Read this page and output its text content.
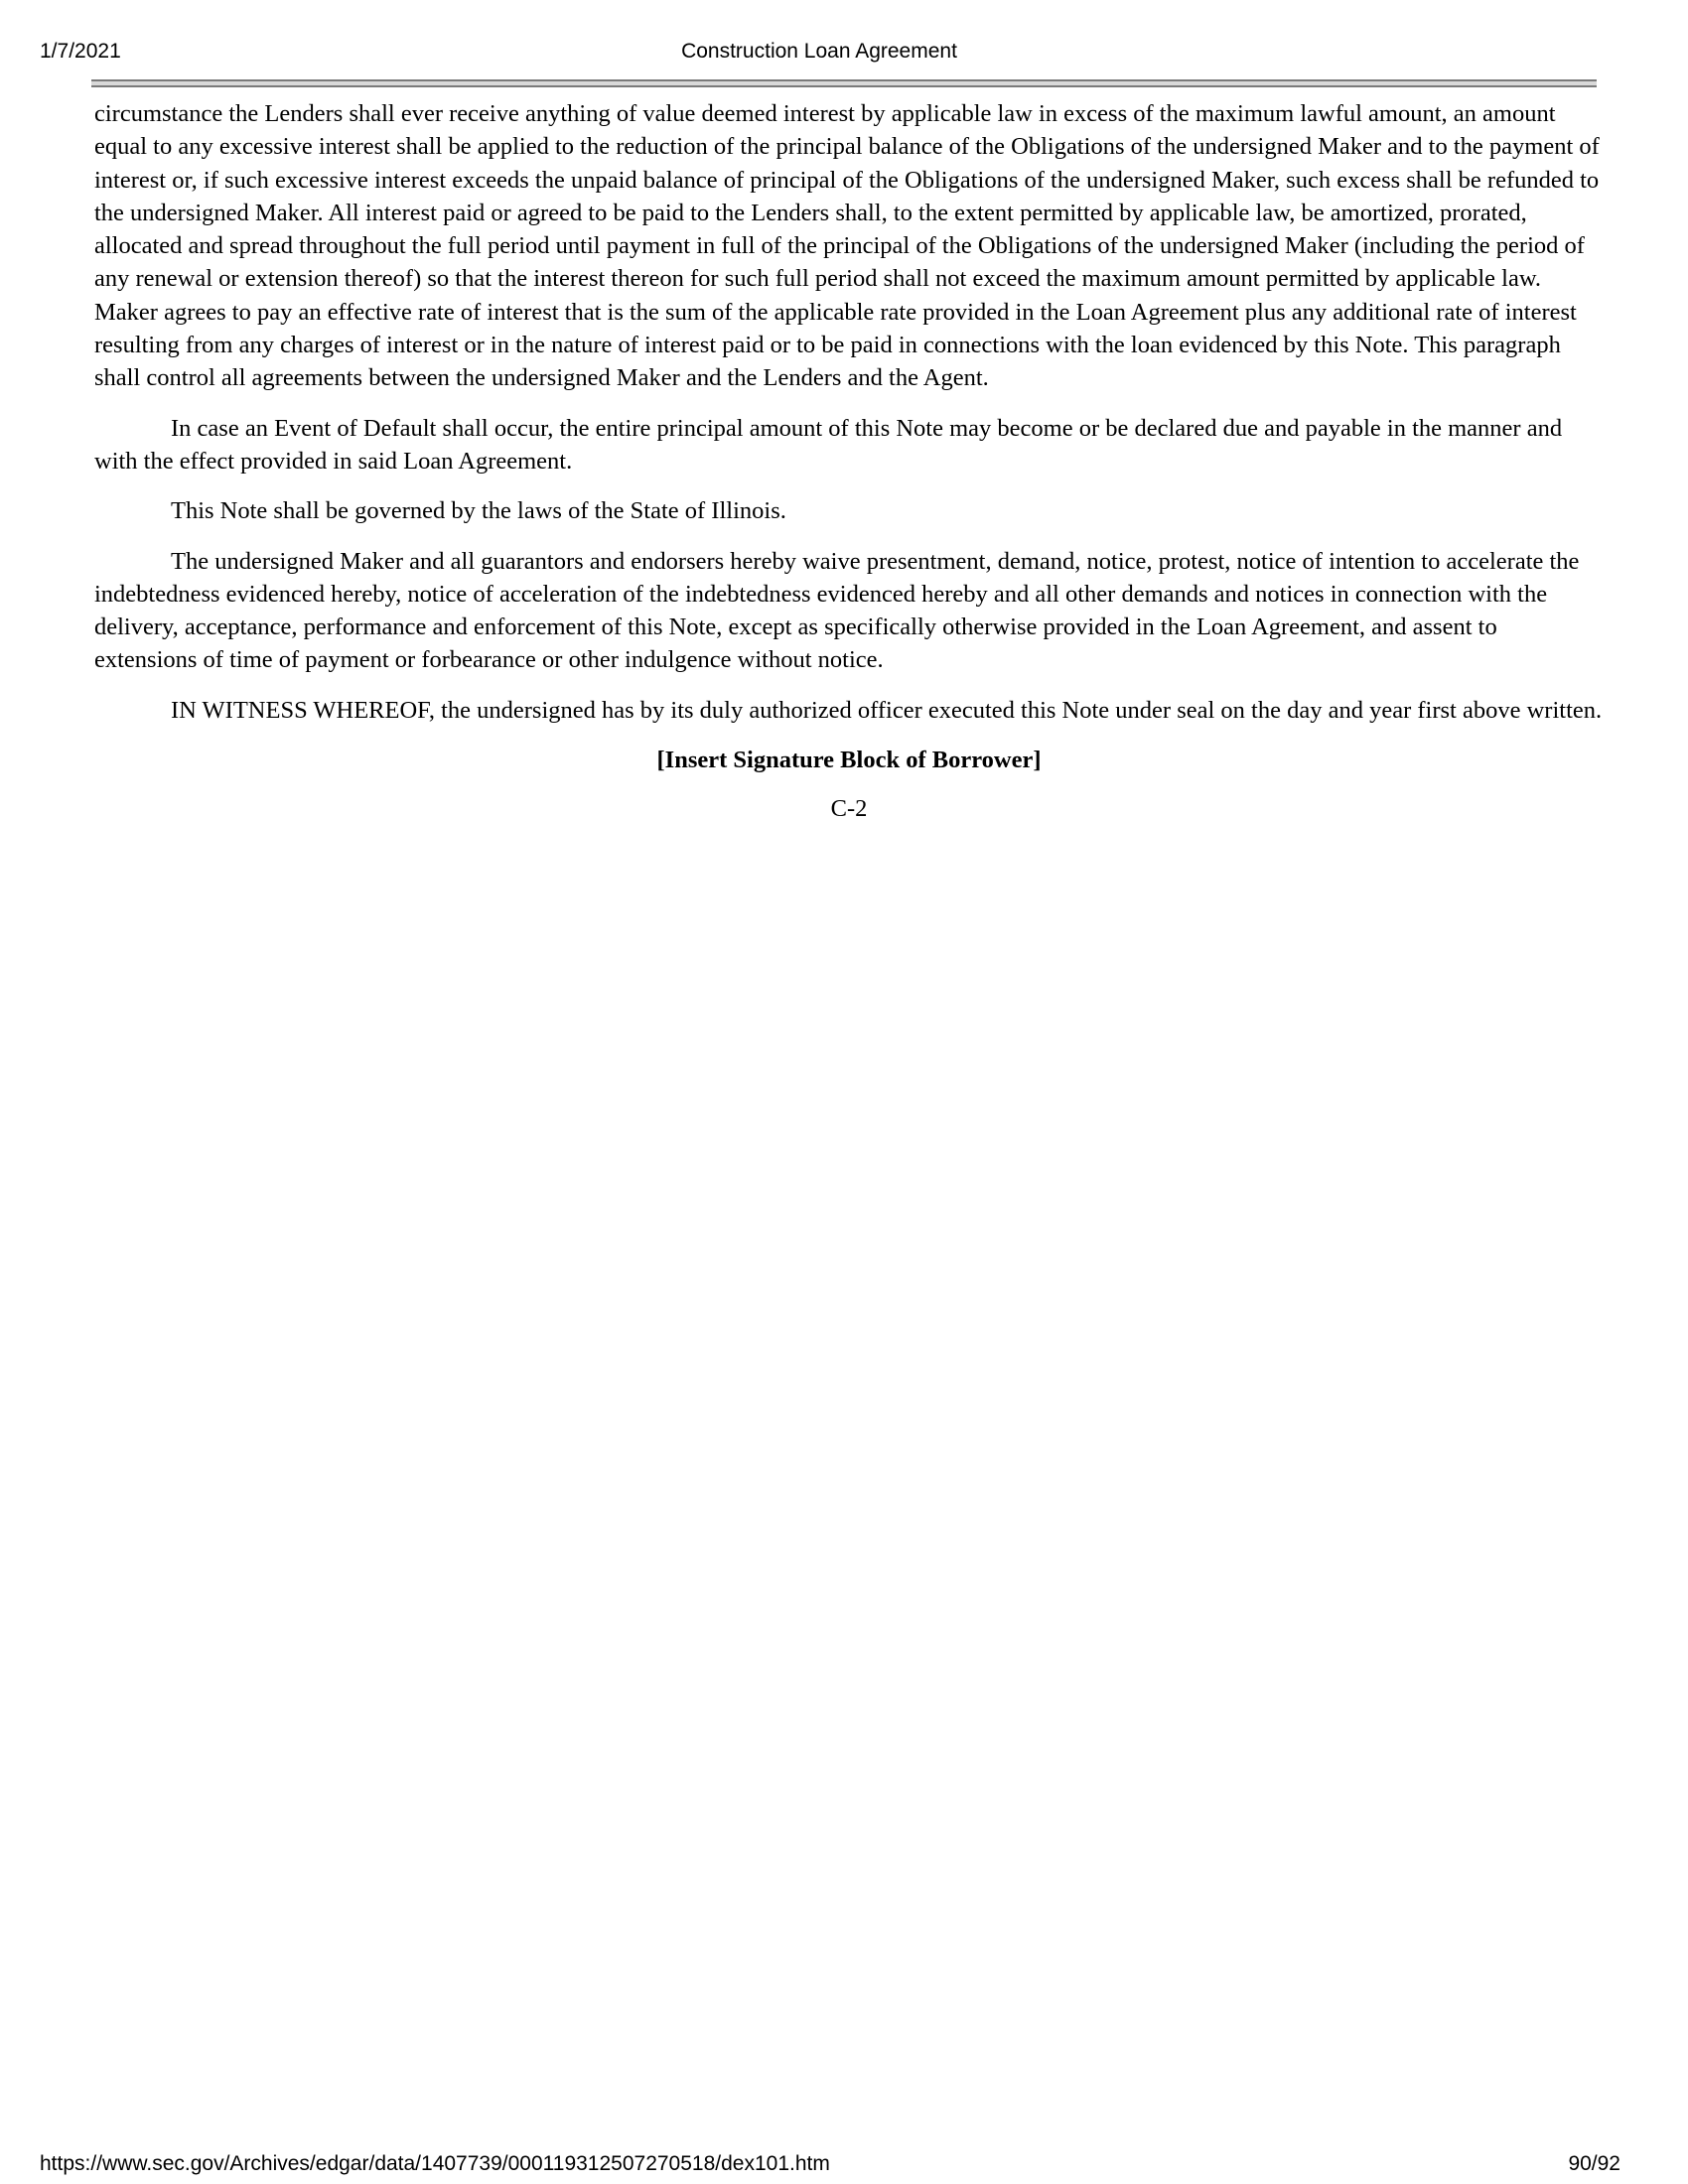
1/7/2021	Construction Loan Agreement

circumstance the Lenders shall ever receive anything of value deemed interest by applicable law in excess of the maximum lawful amount, an amount equal to any excessive interest shall be applied to the reduction of the principal balance of the Obligations of the undersigned Maker and to the payment of interest or, if such excessive interest exceeds the unpaid balance of principal of the Obligations of the undersigned Maker, such excess shall be refunded to the undersigned Maker. All interest paid or agreed to be paid to the Lenders shall, to the extent permitted by applicable law, be amortized, prorated, allocated and spread throughout the full period until payment in full of the principal of the Obligations of the undersigned Maker (including the period of any renewal or extension thereof) so that the interest thereon for such full period shall not exceed the maximum amount permitted by applicable law. Maker agrees to pay an effective rate of interest that is the sum of the applicable rate provided in the Loan Agreement plus any additional rate of interest resulting from any charges of interest or in the nature of interest paid or to be paid in connections with the loan evidenced by this Note. This paragraph shall control all agreements between the undersigned Maker and the Lenders and the Agent.

In case an Event of Default shall occur, the entire principal amount of this Note may become or be declared due and payable in the manner and with the effect provided in said Loan Agreement.

This Note shall be governed by the laws of the State of Illinois.

The undersigned Maker and all guarantors and endorsers hereby waive presentment, demand, notice, protest, notice of intention to accelerate the indebtedness evidenced hereby, notice of acceleration of the indebtedness evidenced hereby and all other demands and notices in connection with the delivery, acceptance, performance and enforcement of this Note, except as specifically otherwise provided in the Loan Agreement, and assent to extensions of time of payment or forbearance or other indulgence without notice.

IN WITNESS WHEREOF, the undersigned has by its duly authorized officer executed this Note under seal on the day and year first above written.

[Insert Signature Block of Borrower]
C-2
https://www.sec.gov/Archives/edgar/data/1407739/000119312507270518/dex101.htm	90/92
